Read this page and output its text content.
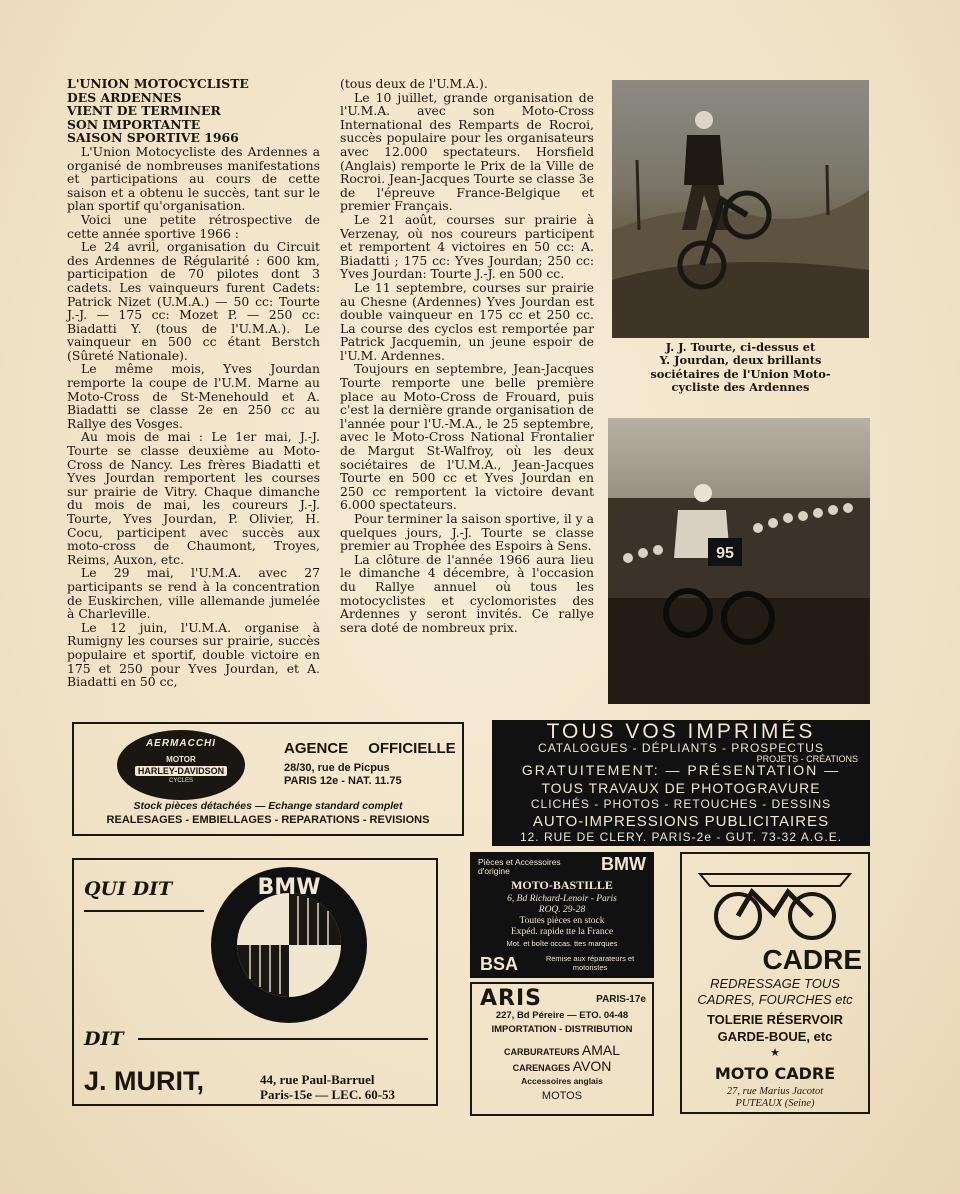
L'UNION MOTOCYCLISTE
DES ARDENNES
VIENT DE TERMINER
SON IMPORTANTE
SAISON SPORTIVE 1966

L'Union Motocycliste des Ardennes a organisé de nombreuses manifestations et participations au cours de cette saison et a obtenu le succès, tant sur le plan sportif qu'organisation.

Voici une petite rétrospective de cette année sportive 1966 :

Le 24 avril, organisation du Circuit des Ardennes de Régularité : 600 km, participation de 70 pilotes dont 3 cadets. Les vainqueurs furent Cadets: Patrick Nizet (U.M.A.) — 50 cc: Tourte J.-J. — 175 cc: Mozet P. — 250 cc: Biadatti Y. (tous de l'U.M.A.). Le vainqueur en 500 cc étant Berstch (Sûreté Nationale).

Le même mois, Yves Jourdan remporte la coupe de l'U.M. Marne au Moto-Cross de St-Menehould et A. Biadatti se classe 2e en 250 cc au Rallye des Vosges.

Au mois de mai : Le 1er mai, J.-J. Tourte se classe deuxième au Moto-Cross de Nancy. Les frères Biadatti et Yves Jourdan remportent les courses sur prairie de Vitry. Chaque dimanche du mois de mai, les coureurs J.-J. Tourte, Yves Jourdan, P. Olivier, H. Cocu, participent avec succès aux moto-cross de Chaumont, Troyes, Reims, Auxon, etc.

Le 29 mai, l'U.M.A. avec 27 participants se rend à la concentration de Euskirchen, ville allemande jumelée à Charleville.

Le 12 juin, l'U.M.A. organise à Rumigny les courses sur prairie, succès populaire et sportif, double victoire en 175 et 250 pour Yves Jourdan, et A. Biadatti en 50 cc,

(tous deux de l'U.M.A.).

Le 10 juillet, grande organisation de l'U.M.A. avec son Moto-Cross International des Remparts de Rocroi, succès populaire pour les organisateurs avec 12.000 spectateurs. Horsfield (Anglais) remporte le Prix de la Ville de Rocroi. Jean-Jacques Tourte se classe 3e de l'épreuve France-Belgique et premier Français.

Le 21 août, courses sur prairie à Verzenay, où nos coureurs participent et remportent 4 victoires en 50 cc: A. Biadatti ; 175 cc: Yves Jourdan; 250 cc: Yves Jourdan: Tourte J.-J. en 500 cc.

Le 11 septembre, courses sur prairie au Chesne (Ardennes) Yves Jourdan est double vainqueur en 175 cc et 250 cc. La course des cyclos est remportée par Patrick Jacquemin, un jeune espoir de l'U.M. Ardennes.

Toujours en septembre, Jean-Jacques Tourte remporte une belle première place au Moto-Cross de Frouard, puis c'est la dernière grande organisation de l'année pour l'U.-M.A., le 25 septembre, avec le Moto-Cross National Frontalier de Margut St-Walfroy, où les deux sociétaires de l'U.M.A., Jean-Jacques Tourte en 500 cc et Yves Jourdan en 250 cc remportent la victoire devant 6.000 spectateurs.

Pour terminer la saison sportive, il y a quelques jours, J.-J. Tourte se classe premier au Trophée des Espoirs à Sens.

La clôture de l'année 1966 aura lieu le dimanche 4 décembre, à l'occasion du Rallye annuel où tous les motocyclistes et cyclomoristes des Ardennes y seront invités. Ce rallye sera doté de nombreux prix.

J. J. Tourte, ci-dessus et
Y. Jourdan, deux brillants
sociétaires de l'Union Moto-
cycliste des Ardennes
95
AERMACCHI
MOTOR
HARLEY-DAVIDSON
CYCLES
AGENCE OFFICIELLE
28/30, rue de Picpus
PARIS 12e - NAT. 11.75
Stock pièces détachées — Echange standard complet
REALESAGES - EMBIELLAGES - REPARATIONS - REVISIONS
TOUS VOS IMPRIMÉS
CATALOGUES - DÉPLIANTS - PROSPECTUS
PROJETS - CRÉATIONS
GRATUITEMENT: — PRÉSENTATION —
TOUS TRAVAUX DE PHOTOGRAVURE
CLICHÉS - PHOTOS - RETOUCHES - DESSINS
AUTO-IMPRESSIONS PUBLICITAIRES
12. RUE DE CLERY. PARIS-2e - GUT. 73-32 A.G.E.
QUI DIT	BMW
DIT
J. MURIT,	44, rue Paul-Barruel
Paris-15e — LEC. 60-53
Pièces et Accessoires d'origine	BMW
MOTO-BASTILLE
6, Bd Richard-Lenoir - Paris
ROQ. 29-28
Toutes pièces en stock
Expéd. rapide tte la France
Mot. et boîte occas. ttes marques
BSA	Remise aux réparateurs et motoristes
ARIS	PARIS-17e
227, Bd Péreire — ETO. 04-48
IMPORTATION - DISTRIBUTION
CARBURATEURS AMAL
CARENAGES AVON
Accessoires anglais
MOTOS
CADRE
REDRESSAGE TOUS
CADRES, FOURCHES etc
TOLERIE RÉSERVOIR
GARDE-BOUE, etc
★
MOTO CADRE
27, rue Marius Jacotot
PUTEAUX (Seine)
